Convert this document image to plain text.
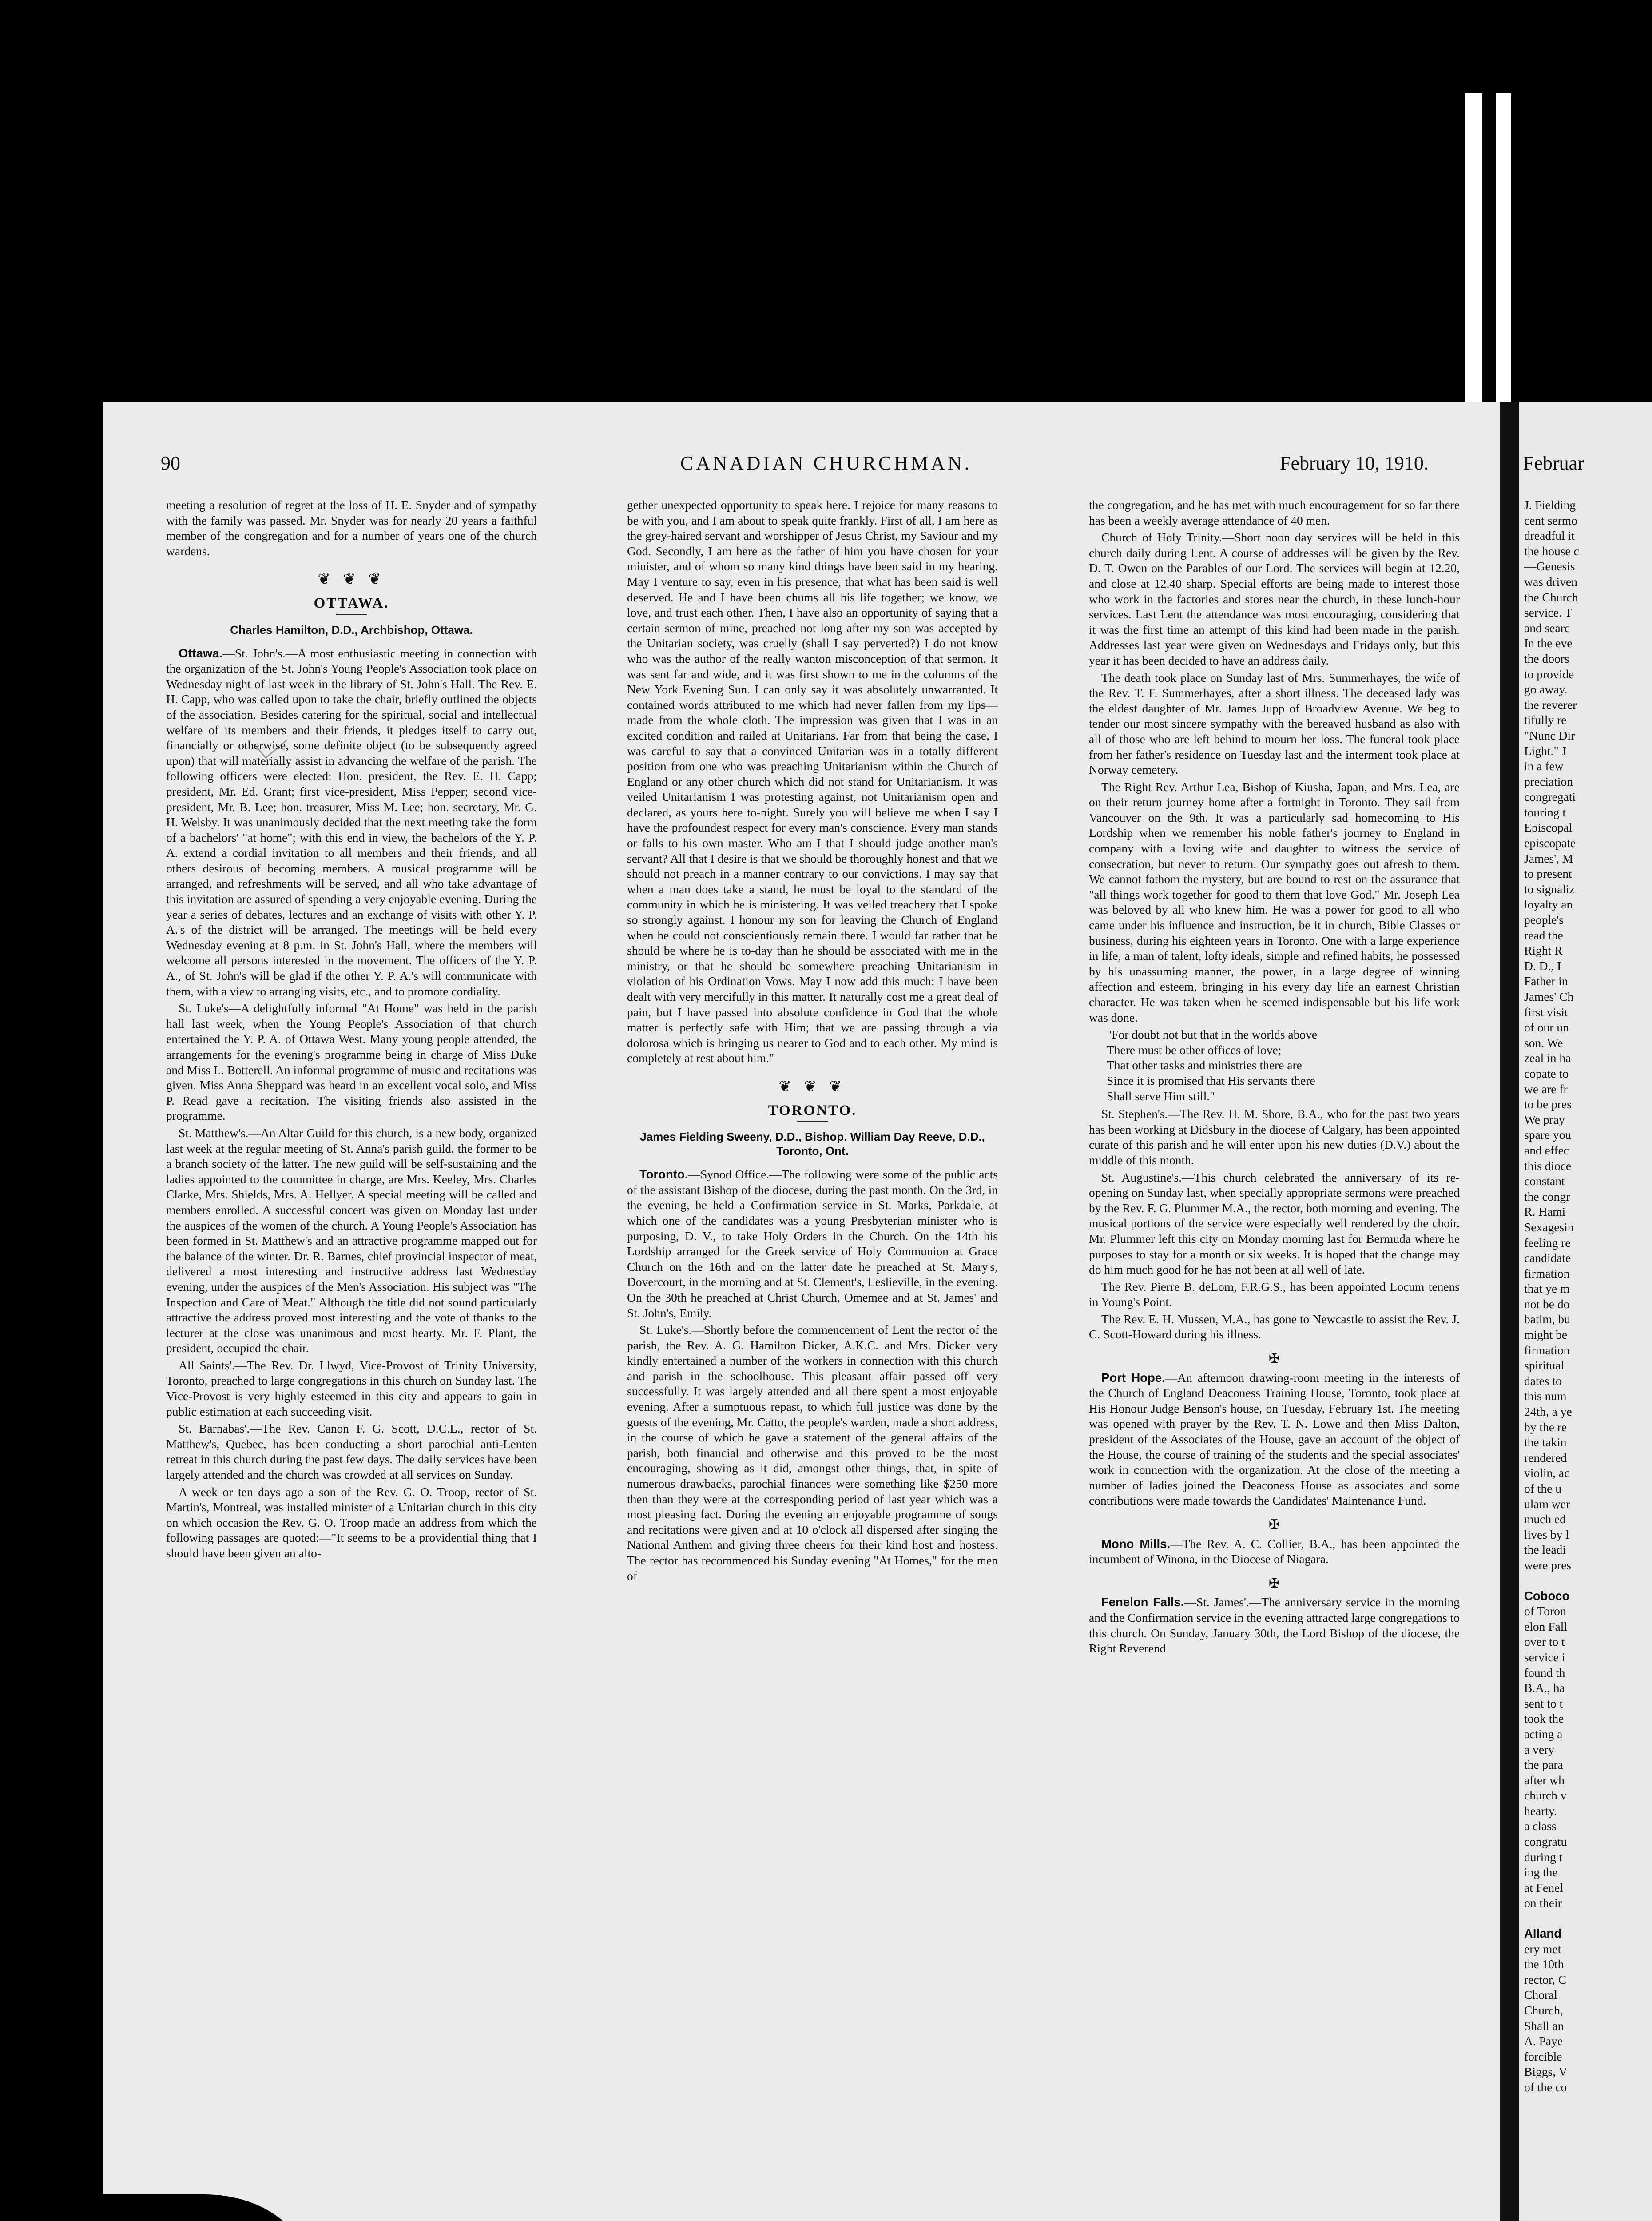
90	CANADIAN CHURCHMAN.	February 10, 1910.

meeting a resolution of regret at the loss of H. E. Snyder and of sympathy with the family was passed. Mr. Snyder was for nearly 20 years a faithful member of the congregation and for a number of years one of the church wardens.

❦ ❦ ❦
OTTAWA.
Charles Hamilton, D.D., Archbishop, Ottawa.

Ottawa.—St. John's.—A most enthusiastic meeting in connection with the organization of the St. John's Young People's Association took place on Wednesday night of last week in the library of St. John's Hall. The Rev. E. H. Capp, who was called upon to take the chair, briefly outlined the objects of the association. Besides catering for the spiritual, social and intellectual welfare of its members and their friends, it pledges itself to carry out, financially or otherwise, some definite object (to be subsequently agreed upon) that will materially assist in advancing the welfare of the parish. The following officers were elected: Hon. president, the Rev. E. H. Capp; president, Mr. Ed. Grant; first vice-president, Miss Pepper; second vice-president, Mr. B. Lee; hon. treasurer, Miss M. Lee; hon. secretary, Mr. G. H. Welsby. It was unanimously decided that the next meeting take the form of a bachelors' "at home"; with this end in view, the bachelors of the Y. P. A. extend a cordial invitation to all members and their friends, and all others desirous of becoming members. A musical programme will be arranged, and refreshments will be served, and all who take advantage of this invitation are assured of spending a very enjoyable evening. During the year a series of debates, lectures and an exchange of visits with other Y. P. A.'s of the district will be arranged. The meetings will be held every Wednesday evening at 8 p.m. in St. John's Hall, where the members will welcome all persons interested in the movement. The officers of the Y. P. A., of St. John's will be glad if the other Y. P. A.'s will communicate with them, with a view to arranging visits, etc., and to promote cordiality.

St. Luke's—A delightfully informal "At Home" was held in the parish hall last week, when the Young People's Association of that church entertained the Y. P. A. of Ottawa West. Many young people attended, the arrangements for the evening's programme being in charge of Miss Duke and Miss L. Botterell. An informal programme of music and recitations was given. Miss Anna Sheppard was heard in an excellent vocal solo, and Miss P. Read gave a recitation. The visiting friends also assisted in the programme.

St. Matthew's.—An Altar Guild for this church, is a new body, organized last week at the regular meeting of St. Anna's parish guild, the former to be a branch society of the latter. The new guild will be self-sustaining and the ladies appointed to the committee in charge, are Mrs. Keeley, Mrs. Charles Clarke, Mrs. Shields, Mrs. A. Hellyer. A special meeting will be called and members enrolled. A successful concert was given on Monday last under the auspices of the women of the church. A Young People's Association has been formed in St. Matthew's and an attractive programme mapped out for the balance of the winter. Dr. R. Barnes, chief provincial inspector of meat, delivered a most interesting and instructive address last Wednesday evening, under the auspices of the Men's Association. His subject was "The Inspection and Care of Meat." Although the title did not sound particularly attractive the address proved most interesting and the vote of thanks to the lecturer at the close was unanimous and most hearty. Mr. F. Plant, the president, occupied the chair.

All Saints'.—The Rev. Dr. Llwyd, Vice-Provost of Trinity University, Toronto, preached to large congregations in this church on Sunday last. The Vice-Provost is very highly esteemed in this city and appears to gain in public estimation at each succeeding visit.

St. Barnabas'.—The Rev. Canon F. G. Scott, D.C.L., rector of St. Matthew's, Quebec, has been conducting a short parochial anti-Lenten retreat in this church during the past few days. The daily services have been largely attended and the church was crowded at all services on Sunday.

A week or ten days ago a son of the Rev. G. O. Troop, rector of St. Martin's, Montreal, was installed minister of a Unitarian church in this city on which occasion the Rev. G. O. Troop made an address from which the following passages are quoted:—"It seems to be a providential thing that I should have been given an alto-

gether unexpected opportunity to speak here. I rejoice for many reasons to be with you, and I am about to speak quite frankly. First of all, I am here as the grey-haired servant and worshipper of Jesus Christ, my Saviour and my God. Secondly, I am here as the father of him you have chosen for your minister, and of whom so many kind things have been said in my hearing. May I venture to say, even in his presence, that what has been said is well deserved. He and I have been chums all his life together; we know, we love, and trust each other. Then, I have also an opportunity of saying that a certain sermon of mine, preached not long after my son was accepted by the Unitarian society, was cruelly (shall I say perverted?) I do not know who was the author of the really wanton misconception of that sermon. It was sent far and wide, and it was first shown to me in the columns of the New York Evening Sun. I can only say it was absolutely unwarranted. It contained words attributed to me which had never fallen from my lips—made from the whole cloth. The impression was given that I was in an excited condition and railed at Unitarians. Far from that being the case, I was careful to say that a convinced Unitarian was in a totally different position from one who was preaching Unitarianism within the Church of England or any other church which did not stand for Unitarianism. It was veiled Unitarianism I was protesting against, not Unitarianism open and declared, as yours here to-night. Surely you will believe me when I say I have the profoundest respect for every man's conscience. Every man stands or falls to his own master. Who am I that I should judge another man's servant? All that I desire is that we should be thoroughly honest and that we should not preach in a manner contrary to our convictions. I may say that when a man does take a stand, he must be loyal to the standard of the community in which he is ministering. It was veiled treachery that I spoke so strongly against. I honour my son for leaving the Church of England when he could not conscientiously remain there. I would far rather that he should be where he is to-day than he should be associated with me in the ministry, or that he should be somewhere preaching Unitarianism in violation of his Ordination Vows. May I now add this much: I have been dealt with very mercifully in this matter. It naturally cost me a great deal of pain, but I have passed into absolute confidence in God that the whole matter is perfectly safe with Him; that we are passing through a via dolorosa which is bringing us nearer to God and to each other. My mind is completely at rest about him."

❦ ❦ ❦
TORONTO.
James Fielding Sweeny, D.D., Bishop. William Day Reeve, D.D., Toronto, Ont.

Toronto.—Synod Office.—The following were some of the public acts of the assistant Bishop of the diocese, during the past month. On the 3rd, in the evening, he held a Confirmation service in St. Marks, Parkdale, at which one of the candidates was a young Presbyterian minister who is purposing, D. V., to take Holy Orders in the Church. On the 14th his Lordship arranged for the Greek service of Holy Communion at Grace Church on the 16th and on the latter date he preached at St. Mary's, Dovercourt, in the morning and at St. Clement's, Leslieville, in the evening. On the 30th he preached at Christ Church, Omemee and at St. James' and St. John's, Emily.

St. Luke's.—Shortly before the commencement of Lent the rector of the parish, the Rev. A. G. Hamilton Dicker, A.K.C. and Mrs. Dicker very kindly entertained a number of the workers in connection with this church and parish in the schoolhouse. This pleasant affair passed off very successfully. It was largely attended and all there spent a most enjoyable evening. After a sumptuous repast, to which full justice was done by the guests of the evening, Mr. Catto, the people's warden, made a short address, in the course of which he gave a statement of the general affairs of the parish, both financial and otherwise and this proved to be the most encouraging, showing as it did, amongst other things, that, in spite of numerous drawbacks, parochial finances were something like $250 more then than they were at the corresponding period of last year which was a most pleasing fact. During the evening an enjoyable programme of songs and recitations were given and at 10 o'clock all dispersed after singing the National Anthem and giving three cheers for their kind host and hostess. The rector has recommenced his Sunday evening "At Homes," for the men of

the congregation, and he has met with much encouragement for so far there has been a weekly average attendance of 40 men.

Church of Holy Trinity.—Short noon day services will be held in this church daily during Lent. A course of addresses will be given by the Rev. D. T. Owen on the Parables of our Lord. The services will begin at 12.20, and close at 12.40 sharp. Special efforts are being made to interest those who work in the factories and stores near the church, in these lunch-hour services. Last Lent the attendance was most encouraging, considering that it was the first time an attempt of this kind had been made in the parish. Addresses last year were given on Wednesdays and Fridays only, but this year it has been decided to have an address daily.

The death took place on Sunday last of Mrs. Summerhayes, the wife of the Rev. T. F. Summerhayes, after a short illness. The deceased lady was the eldest daughter of Mr. James Jupp of Broadview Avenue. We beg to tender our most sincere sympathy with the bereaved husband as also with all of those who are left behind to mourn her loss. The funeral took place from her father's residence on Tuesday last and the interment took place at Norway cemetery.

The Right Rev. Arthur Lea, Bishop of Kiusha, Japan, and Mrs. Lea, are on their return journey home after a fortnight in Toronto. They sail from Vancouver on the 9th. It was a particularly sad homecoming to His Lordship when we remember his noble father's journey to England in company with a loving wife and daughter to witness the service of consecration, but never to return. Our sympathy goes out afresh to them. We cannot fathom the mystery, but are bound to rest on the assurance that "all things work together for good to them that love God." Mr. Joseph Lea was beloved by all who knew him. He was a power for good to all who came under his influence and instruction, be it in church, Bible Classes or business, during his eighteen years in Toronto. One with a large experience in life, a man of talent, lofty ideals, simple and refined habits, he possessed by his unassuming manner, the power, in a large degree of winning affection and esteem, bringing in his every day life an earnest Christian character. He was taken when he seemed indispensable but his life work was done.

"For doubt not but that in the worlds above
There must be other offices of love;
That other tasks and ministries there are
Since it is promised that His servants there
Shall serve Him still."

St. Stephen's.—The Rev. H. M. Shore, B.A., who for the past two years has been working at Didsbury in the diocese of Calgary, has been appointed curate of this parish and he will enter upon his new duties (D.V.) about the middle of this month.

St. Augustine's.—This church celebrated the anniversary of its re-opening on Sunday last, when specially appropriate sermons were preached by the Rev. F. G. Plummer M.A., the rector, both morning and evening. The musical portions of the service were especially well rendered by the choir. Mr. Plummer left this city on Monday morning last for Bermuda where he purposes to stay for a month or six weeks. It is hoped that the change may do him much good for he has not been at all well of late.

The Rev. Pierre B. deLom, F.R.G.S., has been appointed Locum tenens in Young's Point.

The Rev. E. H. Mussen, M.A., has gone to Newcastle to assist the Rev. J. C. Scott-Howard during his illness.

✠

Port Hope.—An afternoon drawing-room meeting in the interests of the Church of England Deaconess Training House, Toronto, took place at His Honour Judge Benson's house, on Tuesday, February 1st. The meeting was opened with prayer by the Rev. T. N. Lowe and then Miss Dalton, president of the Associates of the House, gave an account of the object of the House, the course of training of the students and the special associates' work in connection with the organization. At the close of the meeting a number of ladies joined the Deaconess House as associates and some contributions were made towards the Candidates' Maintenance Fund.

✠

Mono Mills.—The Rev. A. C. Collier, B.A., has been appointed the incumbent of Winona, in the Diocese of Niagara.

✠

Fenelon Falls.—St. James'.—The anniversary service in the morning and the Confirmation service in the evening attracted large congregations to this church. On Sunday, January 30th, the Lord Bishop of the diocese, the Right Reverend

Februar
J. Fielding
cent sermo
dreadful it
the house c
—Genesis
was driven
the Church
service. T
and searc
In the eve
the doors
to provide
go away.
the reverer
tifully re
"Nunc Dir
Light." J
in a few
preciation
congregati
touring t
Episcopal
episcopate
James', M
to present
to signaliz
loyalty an
people's
read the
Right R
D. D., I
Father in
James' Ch
first visit
of our un
son. We
zeal in ha
copate to
we are fr
to be pres
We pray
spare you
and effec
this dioce
constant
the congr
R. Hami
Sexagesin
feeling re
candidate
firmation
that ye m
not be do
batim, bu
might be
firmation
spiritual
dates to
this num
24th, a ye
by the re
the takin
rendered
violin, ac
of the u
ulam wer
much ed
lives by l
the leadi
were pres
Coboco
of Toron
elon Fall
over to t
service i
found th
B.A., ha
sent to t
took the
acting a
a very
the para
after wh
church v
hearty.
a class
congratu
during t
ing the
at Fenel
on their
Alland
ery met
the 10th
rector, C
Choral
Church,
Shall an
A. Paye
forcible
Biggs, V
of the co
